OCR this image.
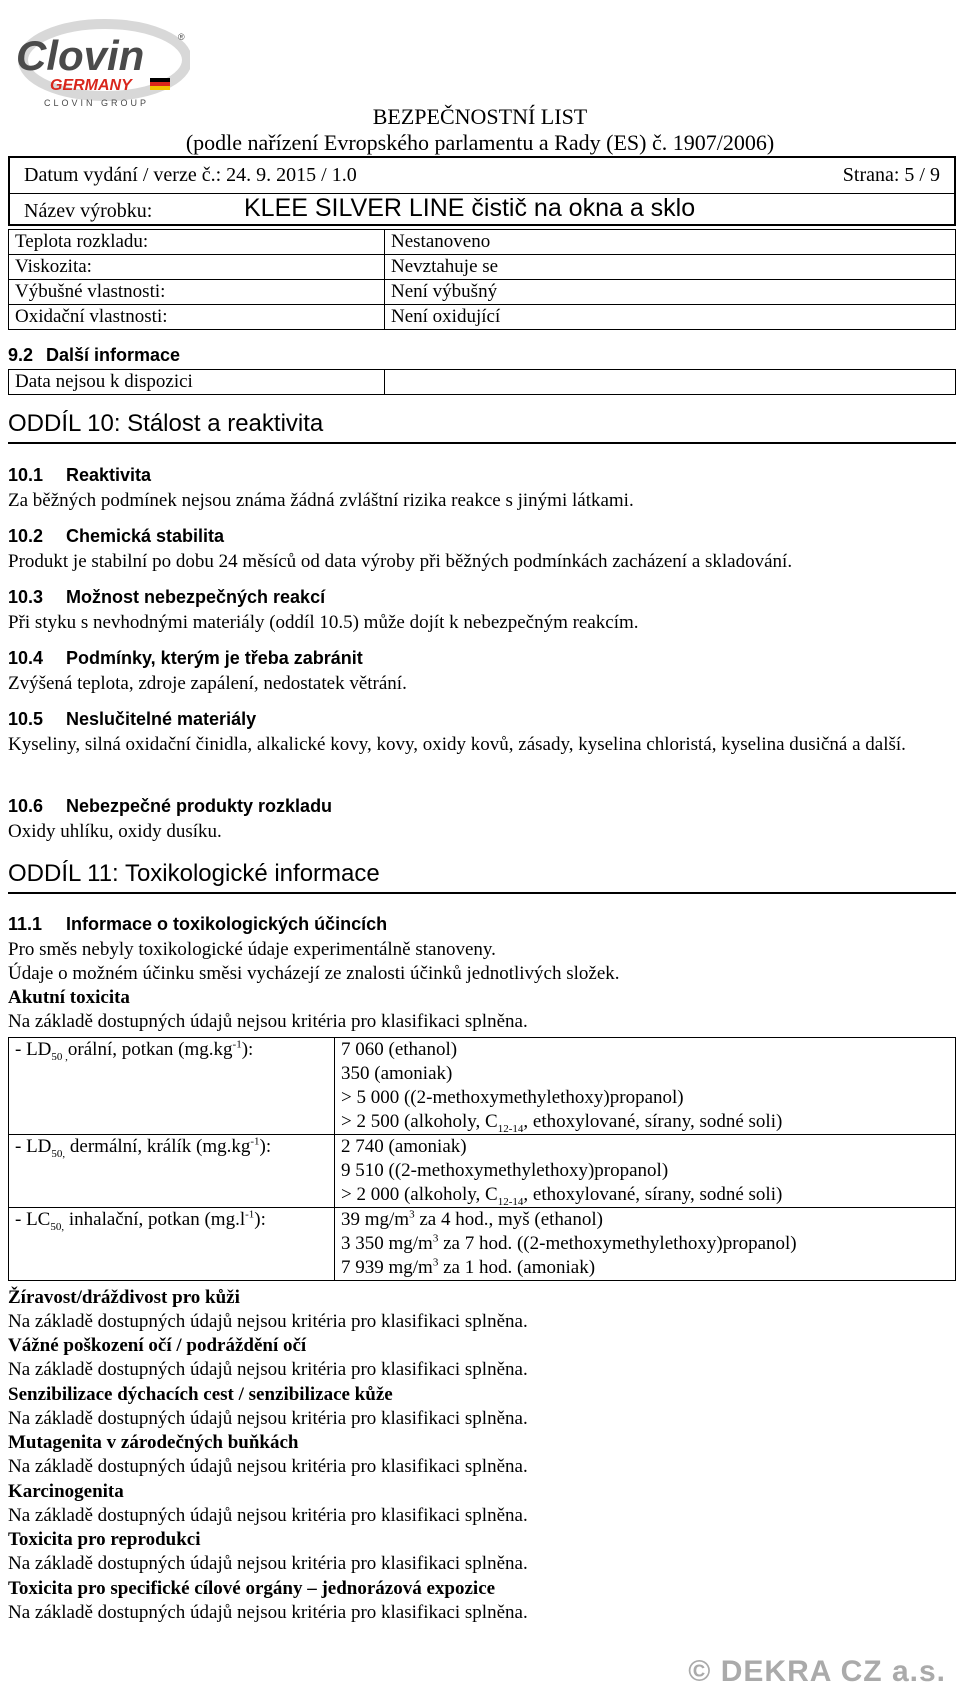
Clovin	®
GERMANY
CLOVIN GROUP
BEZPEČNOSTNÍ LIST
(podle nařízení Evropského parlamentu a Rady (ES) č. 1907/2006)
Datum vydání / verze č.: 24. 9. 2015 / 1.0	Strana: 5 / 9
Název výrobku:	KLEE SILVER LINE čistič na okna a sklo
Teplota rozkladu:	Nestanoveno
Viskozita:	Nevztahuje se
Výbušné vlastnosti:	Není výbušný
Oxidační vlastnosti:	Není oxidující
9.2 Další informace
Data nejsou k dispozici	
ODDÍL 10: Stálost a reaktivita
10.1 Reaktivita
Za běžných podmínek nejsou známa žádná zvláštní rizika reakce s jinými látkami.
10.2 Chemická stabilita
Produkt je stabilní po dobu 24 měsíců od data výroby při běžných podmínkách zacházení a skladování.
10.3 Možnost nebezpečných reakcí
Při styku s nevhodnými materiály (oddíl 10.5) může dojít k nebezpečným reakcím.
10.4 Podmínky, kterým je třeba zabránit
Zvýšená teplota, zdroje zapálení, nedostatek větrání.
10.5 Neslučitelné materiály
Kyseliny, silná oxidační činidla, alkalické kovy, kovy, oxidy kovů, zásady, kyselina chloristá, kyselina dusičná a další.
10.6 Nebezpečné produkty rozkladu
Oxidy uhlíku, oxidy dusíku.
ODDÍL 11: Toxikologické informace
11.1 Informace o toxikologických účincích
Pro směs nebyly toxikologické údaje experimentálně stanoveny.
Údaje o možném účinku směsi vycházejí ze znalosti účinků jednotlivých složek.
Akutní toxicita
Na základě dostupných údajů nejsou kritéria pro klasifikaci splněna.
- $LD_{50 ,}orá\ln í$, potkan $(mg.kg^{-1})$:	7 060 (ethanol)
350 (amoniak)
> 5 000 ((2-methoxymethylethoxy)propanol)
> 2 500 (alkoholy, $C_{12-14}$, ethoxylované, sírany, sodné soli)

- $LD_{50,}$ dermální, králík $(mg.kg^{-1})$:	2 740 (amoniak)
9 510 ((2-methoxymethylethoxy)propanol)
> 2 000 (alkoholy, $C_{12-14}$, ethoxylované, sírany, sodné soli)

- $LC_{50,}$ inhalační, potkan $(mg.l^{-1})$:	39 $mg/m^3$ za 4 hod., myš (ethanol)
3 350 $mg/m^3$ za 7 hod. ((2-methoxymethylethoxy)propanol)
7 939 $mg/m^3$ za 1 hod. (amoniak)
Žíravost/dráždivost pro kůži
Na základě dostupných údajů nejsou kritéria pro klasifikaci splněna.
Vážné poškození očí / podráždění očí
Na základě dostupných údajů nejsou kritéria pro klasifikaci splněna.
Senzibilizace dýchacích cest / senzibilizace kůže
Na základě dostupných údajů nejsou kritéria pro klasifikaci splněna.
Mutagenita v zárodečných buňkách
Na základě dostupných údajů nejsou kritéria pro klasifikaci splněna.
Karcinogenita
Na základě dostupných údajů nejsou kritéria pro klasifikaci splněna.
Toxicita pro reprodukci
Na základě dostupných údajů nejsou kritéria pro klasifikaci splněna.
Toxicita pro specifické cílové orgány – jednorázová expozice
Na základě dostupných údajů nejsou kritéria pro klasifikaci splněna.
© DEKRA CZ a.s.
